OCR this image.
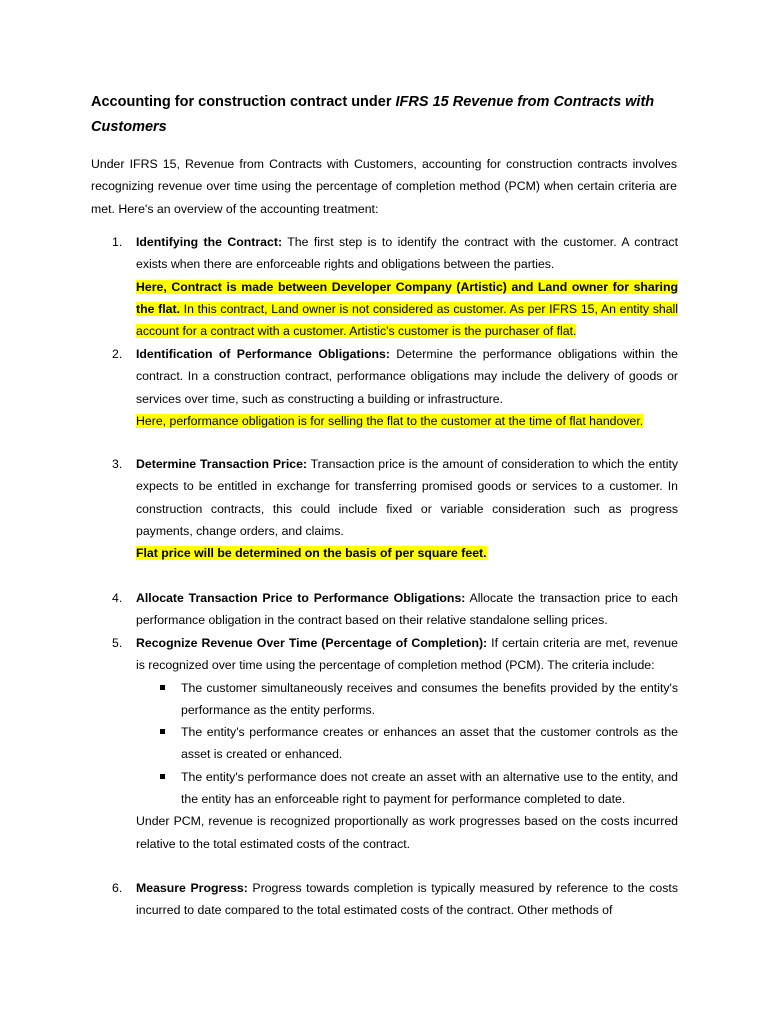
Accounting for construction contract under IFRS 15 Revenue from Contracts with Customers

Under IFRS 15, Revenue from Contracts with Customers, accounting for construction contracts involves recognizing revenue over time using the percentage of completion method (PCM) when certain criteria are met. Here's an overview of the accounting treatment:

1.	Identifying the Contract: The first step is to identify the contract with the customer. A contract exists when there are enforceable rights and obligations between the parties.

Here, Contract is made between Developer Company (Artistic) and Land owner for sharing the flat. In this contract, Land owner is not considered as customer. As per IFRS 15, An entity shall account for a contract with a customer. Artistic's customer is the purchaser of flat.

2.	Identification of Performance Obligations: Determine the performance obligations within the contract. In a construction contract, performance obligations may include the delivery of goods or services over time, such as constructing a building or infrastructure.

Here, performance obligation is for selling the flat to the customer at the time of flat handover.

3.	Determine Transaction Price: Transaction price is the amount of consideration to which the entity expects to be entitled in exchange for transferring promised goods or services to a customer. In construction contracts, this could include fixed or variable consideration such as progress payments, change orders, and claims.

Flat price will be determined on the basis of per square feet.

4.	Allocate Transaction Price to Performance Obligations: Allocate the transaction price to each performance obligation in the contract based on their relative standalone selling prices.

5.	Recognize Revenue Over Time (Percentage of Completion): If certain criteria are met, revenue is recognized over time using the percentage of completion method (PCM). The criteria include:

The customer simultaneously receives and consumes the benefits provided by the entity's performance as the entity performs.
The entity's performance creates or enhances an asset that the customer controls as the asset is created or enhanced.
The entity's performance does not create an asset with an alternative use to the entity, and the entity has an enforceable right to payment for performance completed to date.

Under PCM, revenue is recognized proportionally as work progresses based on the costs incurred relative to the total estimated costs of the contract.

6.	Measure Progress: Progress towards completion is typically measured by reference to the costs incurred to date compared to the total estimated costs of the contract. Other methods of
